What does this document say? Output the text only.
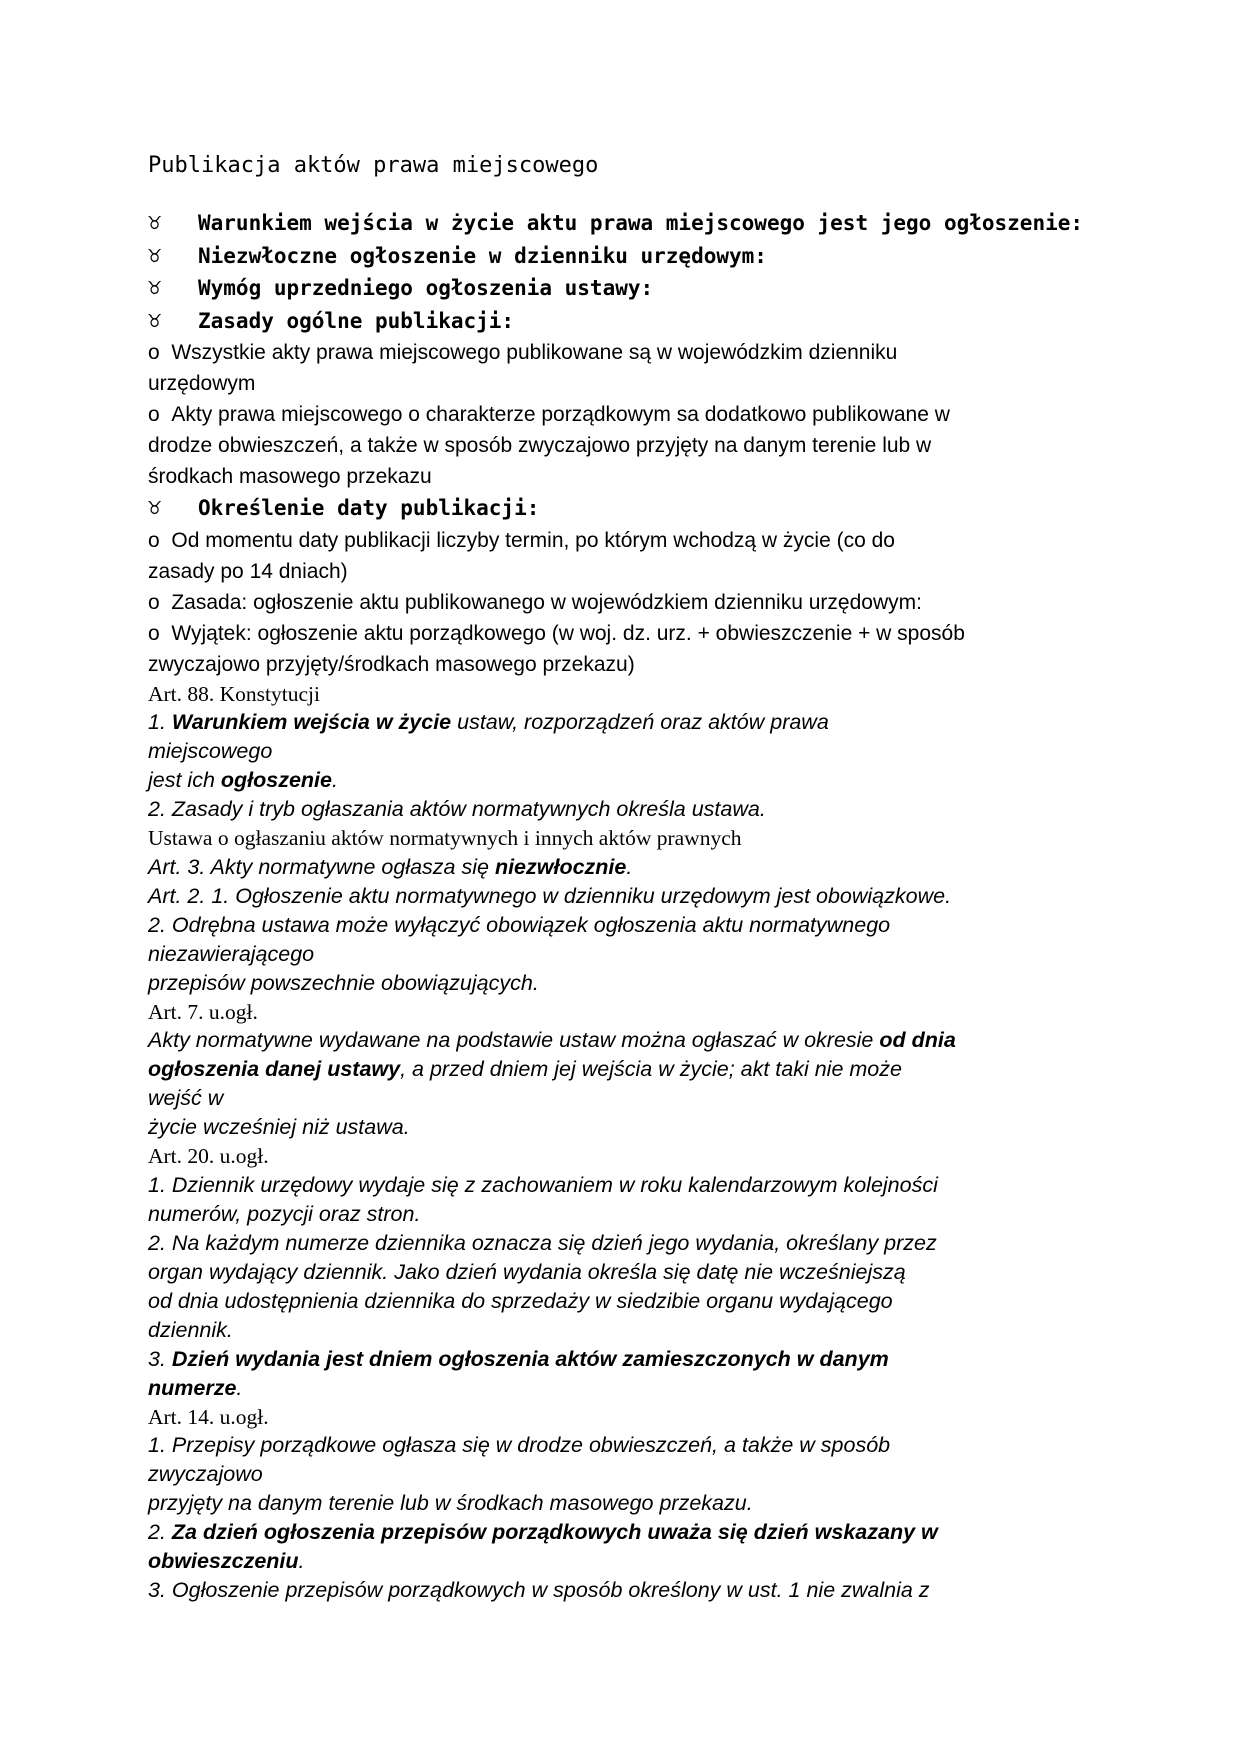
Publikacja aktów prawa miejscowego
♉ Warunkiem wejścia w życie aktu prawa miejscowego jest jego ogłoszenie:
♉ Niezwłoczne ogłoszenie w dzienniku urzędowym:
♉ Wymóg uprzedniego ogłoszenia ustawy:
♉ Zasady ogólne publikacji:
o Wszystkie akty prawa miejscowego publikowane są w wojewódzkim dzienniku
urzędowym
o Akty prawa miejscowego o charakterze porządkowym sa dodatkowo publikowane w
drodze obwieszczeń, a także w sposób zwyczajowo przyjęty na danym terenie lub w
środkach masowego przekazu
♉ Określenie daty publikacji:
o Od momentu daty publikacji liczyby termin, po którym wchodzą w życie (co do
zasady po 14 dniach)
o Zasada: ogłoszenie aktu publikowanego w wojewódzkiem dzienniku urzędowym:
o Wyjątek: ogłoszenie aktu porządkowego (w woj. dz. urz. + obwieszczenie + w sposób
zwyczajowo przyjęty/środkach masowego przekazu)
Art. 88. Konstytucji
1. Warunkiem wejścia w życie ustaw, rozporządzeń oraz aktów prawa
miejscowego
jest ich ogłoszenie.
2. Zasady i tryb ogłaszania aktów normatywnych określa ustawa.
Ustawa o ogłaszaniu aktów normatywnych i innych aktów prawnych
Art. 3. Akty normatywne ogłasza się niezwłocznie.
Art. 2. 1. Ogłoszenie aktu normatywnego w dzienniku urzędowym jest obowiązkowe.
2. Odrębna ustawa może wyłączyć obowiązek ogłoszenia aktu normatywnego
niezawierającego
przepisów powszechnie obowiązujących.
Art. 7. u.ogł.
Akty normatywne wydawane na podstawie ustaw można ogłaszać w okresie od dnia
ogłoszenia danej ustawy, a przed dniem jej wejścia w życie; akt taki nie może
wejść w
życie wcześniej niż ustawa.
Art. 20. u.ogł.
1. Dziennik urzędowy wydaje się z zachowaniem w roku kalendarzowym kolejności
numerów, pozycji oraz stron.
2. Na każdym numerze dziennika oznacza się dzień jego wydania, określany przez
organ wydający dziennik. Jako dzień wydania określa się datę nie wcześniejszą
od dnia udostępnienia dziennika do sprzedaży w siedzibie organu wydającego
dziennik.
3. Dzień wydania jest dniem ogłoszenia aktów zamieszczonych w danym
numerze.
Art. 14. u.ogł.
1. Przepisy porządkowe ogłasza się w drodze obwieszczeń, a także w sposób
zwyczajowo
przyjęty na danym terenie lub w środkach masowego przekazu.
2. Za dzień ogłoszenia przepisów porządkowych uważa się dzień wskazany w
obwieszczeniu.
3. Ogłoszenie przepisów porządkowych w sposób określony w ust. 1 nie zwalnia z
